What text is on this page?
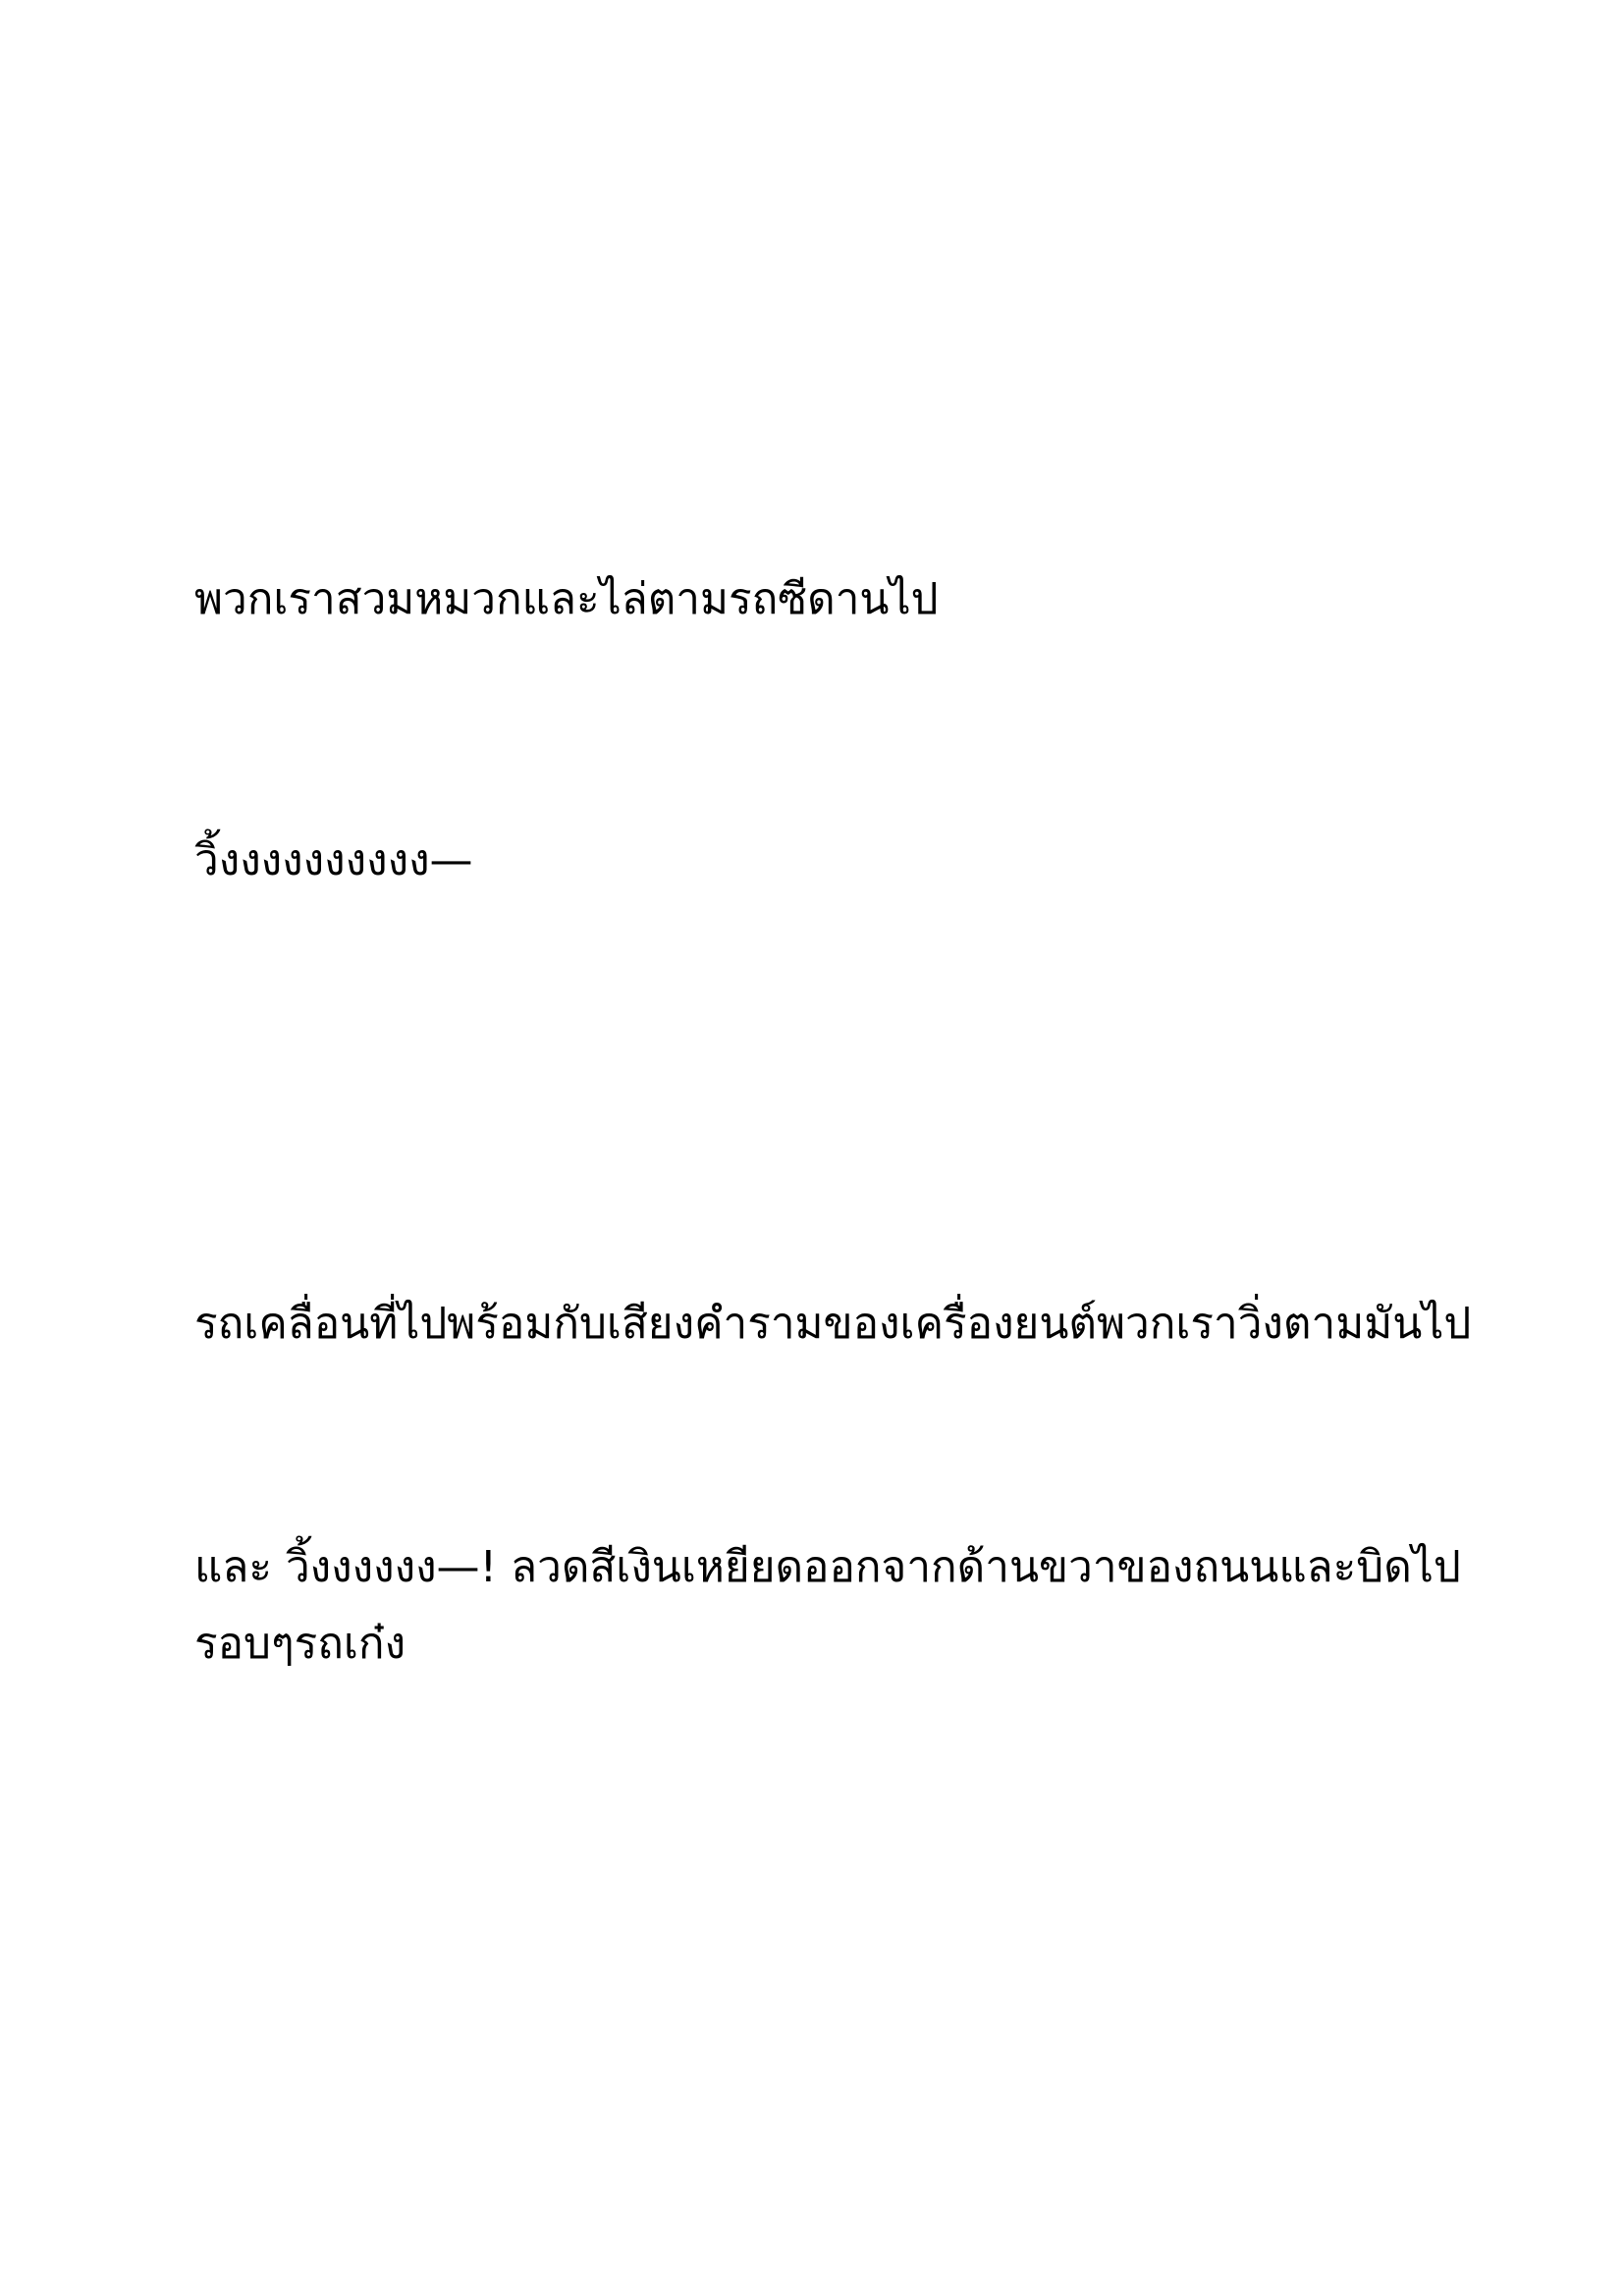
พวกเราสวมหมวกและไล่ตามรถซีดานไป

วิ้งงงงงงงงงง—

รถเคลื่อนที่ไปพร้อมกับเสียงคำรามของเครื่องยนต์พวกเราวิ่งตามมันไป

และ วิ้งงงงงง—! ลวดสีเงินเหยียดออกจากด้านขวาของถนนและบิดไป
รอบๆรถเก๋ง
